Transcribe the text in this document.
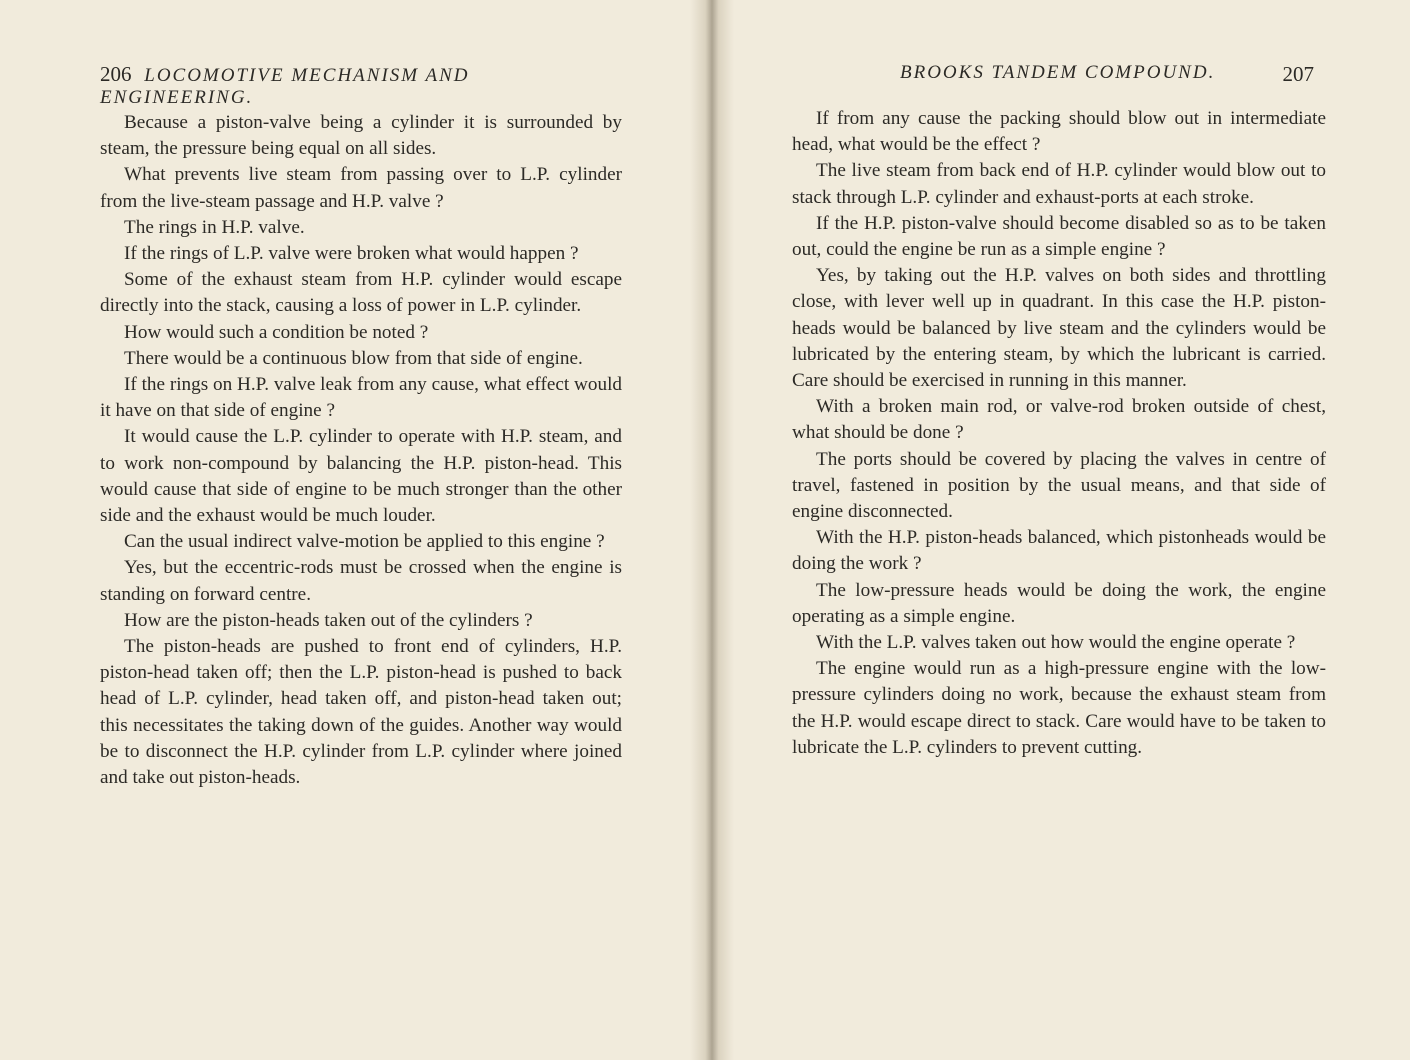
206 LOCOMOTIVE MECHANISM AND ENGINEERING.

Because a piston-valve being a cylinder it is surrounded by steam, the pressure being equal on all sides.

What prevents live steam from passing over to L.P. cylinder from the live-steam passage and H.P. valve ?

The rings in H.P. valve.

If the rings of L.P. valve were broken what would happen ?

Some of the exhaust steam from H.P. cylinder would escape directly into the stack, causing a loss of power in L.P. cylinder.

How would such a condition be noted ?

There would be a continuous blow from that side of engine.

If the rings on H.P. valve leak from any cause, what effect would it have on that side of engine ?

It would cause the L.P. cylinder to operate with H.P. steam, and to work non-compound by balancing the H.P. piston-head. This would cause that side of engine to be much stronger than the other side and the exhaust would be much louder.

Can the usual indirect valve-motion be applied to this engine ?

Yes, but the eccentric-rods must be crossed when the engine is standing on forward centre.

How are the piston-heads taken out of the cylinders ?

The piston-heads are pushed to front end of cylinders, H.P. piston-head taken off; then the L.P. piston-head is pushed to back head of L.P. cylinder, head taken off, and piston-head taken out; this necessitates the taking down of the guides. Another way would be to disconnect the H.P. cylinder from L.P. cylinder where joined and take out piston-heads.

BROOKS TANDEM COMPOUND.	207

If from any cause the packing should blow out in intermediate head, what would be the effect ?

The live steam from back end of H.P. cylinder would blow out to stack through L.P. cylinder and exhaust-ports at each stroke.

If the H.P. piston-valve should become disabled so as to be taken out, could the engine be run as a simple engine ?

Yes, by taking out the H.P. valves on both sides and throttling close, with lever well up in quadrant. In this case the H.P. piston-heads would be balanced by live steam and the cylinders would be lubricated by the entering steam, by which the lubricant is carried. Care should be exercised in running in this manner.

With a broken main rod, or valve-rod broken outside of chest, what should be done ?

The ports should be covered by placing the valves in centre of travel, fastened in position by the usual means, and that side of engine disconnected.

With the H.P. piston-heads balanced, which pistonheads would be doing the work ?

The low-pressure heads would be doing the work, the engine operating as a simple engine.

With the L.P. valves taken out how would the engine operate ?

The engine would run as a high-pressure engine with the low-pressure cylinders doing no work, because the exhaust steam from the H.P. would escape direct to stack. Care would have to be taken to lubricate the L.P. cylinders to prevent cutting.
